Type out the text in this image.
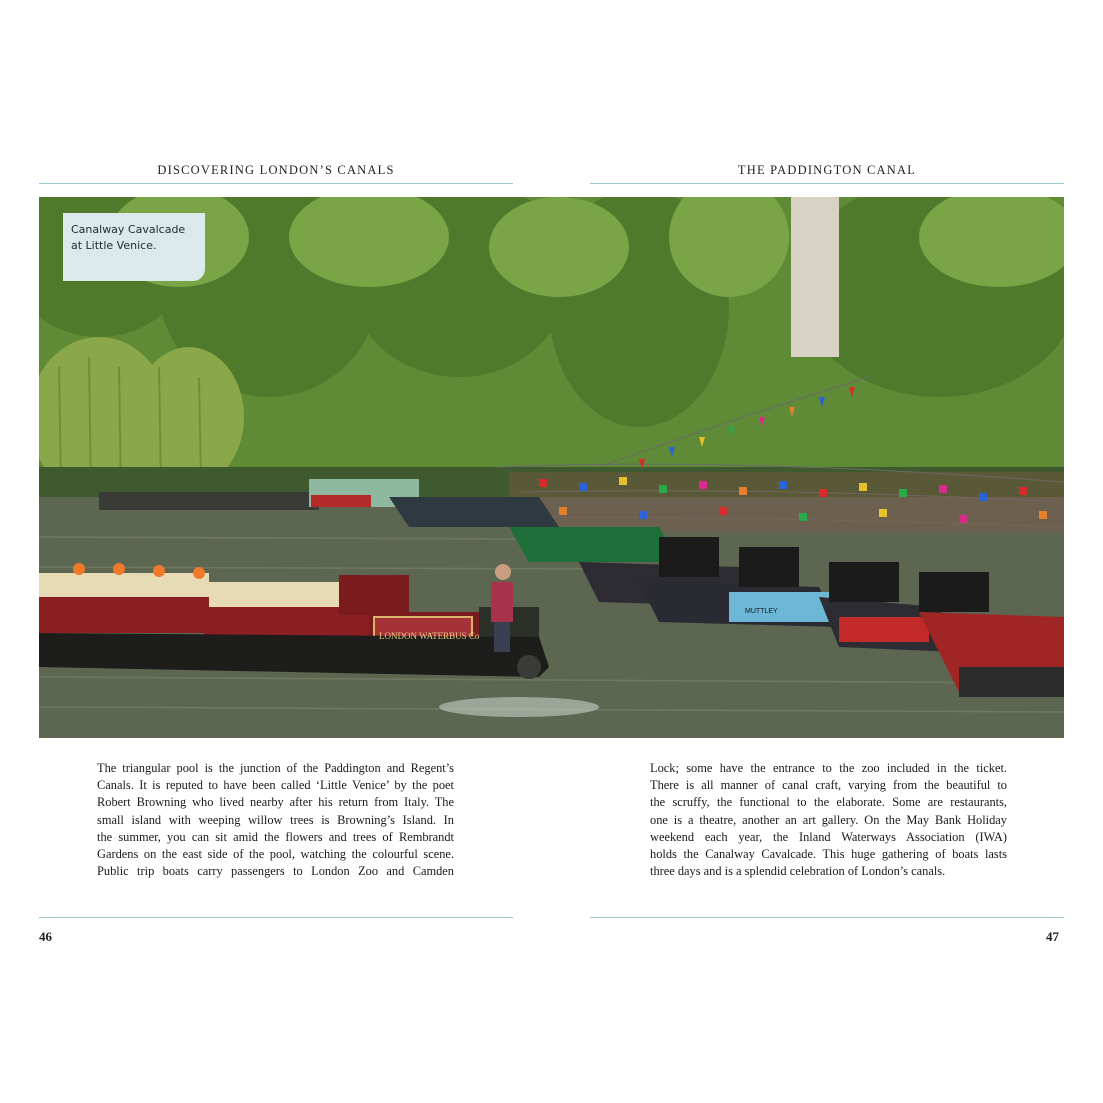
DISCOVERING LONDON’S CANALS	THE PADDINGTON CANAL
LONDON WATERBUS Co
MUTTLEY
Canalway Cavalcade at Little Venice.
The triangular pool is the junction of the Paddington and Regent’s
Canals. It is reputed to have been called ‘Little Venice’ by the poet
Robert Browning who lived nearby after his return from Italy. The
small island with weeping willow trees is Browning’s Island. In
the summer, you can sit amid the flowers and trees of Rembrandt
Gardens on the east side of the pool, watching the colourful scene.
Public trip boats carry passengers to London Zoo and Camden
Lock; some have the entrance to the zoo included in the ticket.
There is all manner of canal craft, varying from the beautiful to
the scruffy, the functional to the elaborate. Some are restaurants,
one is a theatre, another an art gallery. On the May Bank Holiday
weekend each year, the Inland Waterways Association (IWA)
holds the Canalway Cavalcade. This huge gathering of boats lasts
three days and is a splendid celebration of London’s canals.
46	47
